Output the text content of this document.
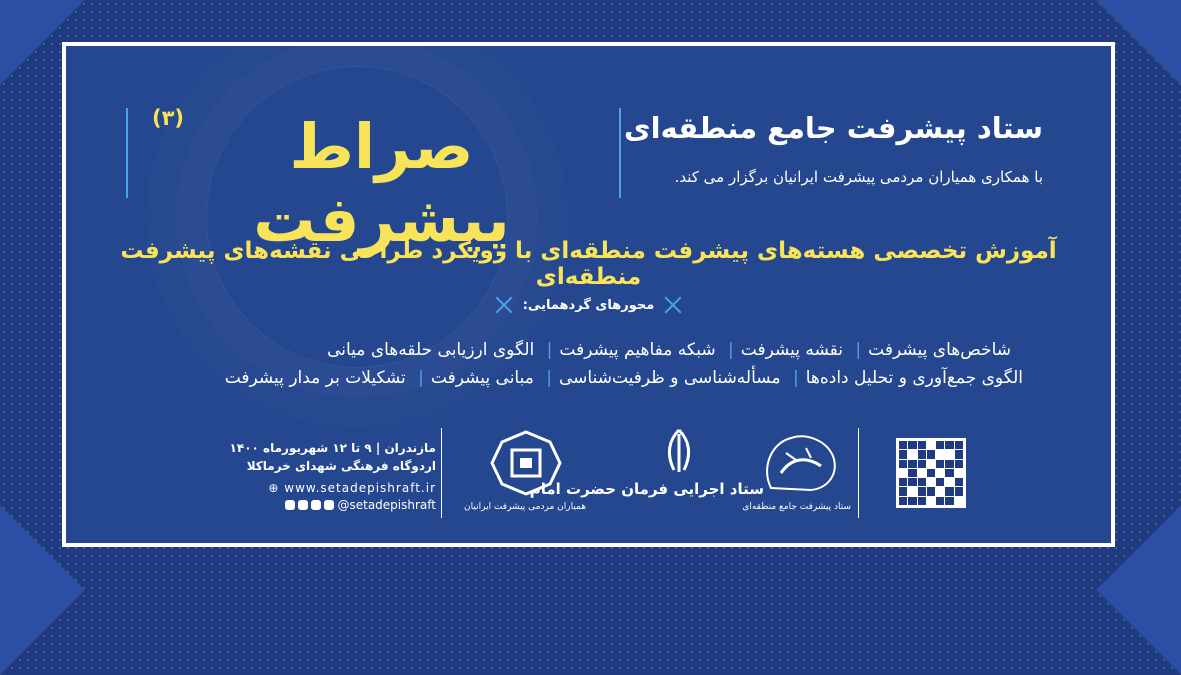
ستاد پیشرفت جامع منطقه‌ای
با همکاری همیاران مردمی پیشرفت ایرانیان برگزار می کند.
صراط پیشرفت
(۳)
آموزش تخصصی هسته‌های پیشرفت منطقه‌ای با رویکرد طراحی نقشه‌های پیشرفت منطقه‌ای
محورهای گردهمایی:
شاخص‌های پیشرفت| نقشه پیشرفت| شبکه مفاهیم پیشرفت| الگوی ارزیابی حلقه‌های میانی
الگوی جمع‌آوری و تحلیل داده‌ها| مسأله‌شناسی و ظرفیت‌شناسی| مبانی پیشرفت| تشکیلات بر مدار پیشرفت
مازندران | ۹ تا ۱۲ شهریورماه ۱۴۰۰
اردوگاه فرهنگی شهدای خرماکلا
⊕ www.setadepishraft.ir
@setadepishraft	همیاران مردمی پیشرفت ایرانیان
ستاد اجرایی فرمان حضرت امام
ستاد پیشرفت جامع منطقه‌ای
